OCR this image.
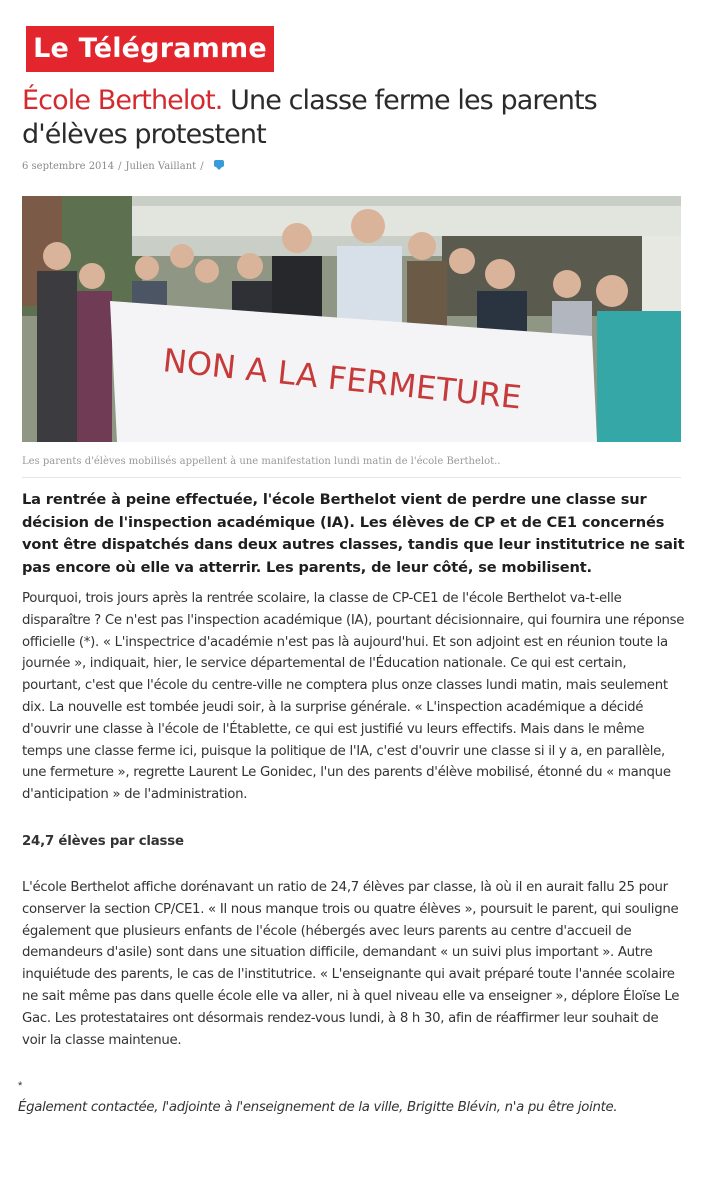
Le Télégramme
École Berthelot. Une classe ferme les parents d'élèves protestent
6 septembre 2014 / Julien Vaillant /
NON A LA FERMETURE
Les parents d'élèves mobilisés appellent à une manifestation lundi matin de l'école Berthelot..
La rentrée à peine effectuée, l'école Berthelot vient de perdre une classe sur décision de l'inspection académique (IA). Les élèves de CP et de CE1 concernés vont être dispatchés dans deux autres classes, tandis que leur institutrice ne sait pas encore où elle va atterrir. Les parents, de leur côté, se mobilisent.

Pourquoi, trois jours après la rentrée scolaire, la classe de CP-CE1 de l'école Berthelot va-t-elle disparaître ? Ce n'est pas l'inspection académique (IA), pourtant décisionnaire, qui fournira une réponse officielle (*). « L'inspectrice d'académie n'est pas là aujourd'hui. Et son adjoint est en réunion toute la journée », indiquait, hier, le service départemental de l'Éducation nationale. Ce qui est certain, pourtant, c'est que l'école du centre-ville ne comptera plus onze classes lundi matin, mais seulement dix. La nouvelle est tombée jeudi soir, à la surprise générale. « L'inspection académique a décidé d'ouvrir une classe à l'école de l'Établette, ce qui est justifié vu leurs effectifs. Mais dans le même temps une classe ferme ici, puisque la politique de l'IA, c'est d'ouvrir une classe si il y a, en parallèle, une fermeture », regrette Laurent Le Gonidec, l'un des parents d'élève mobilisé, étonné du « manque d'anticipation » de l'administration.

24,7 élèves par classe

L'école Berthelot affiche dorénavant un ratio de 24,7 élèves par classe, là où il en aurait fallu 25 pour conserver la section CP/CE1. « Il nous manque trois ou quatre élèves », poursuit le parent, qui souligne également que plusieurs enfants de l'école (hébergés avec leurs parents au centre d'accueil de demandeurs d'asile) sont dans une situation difficile, demandant « un suivi plus important ». Autre inquiétude des parents, le cas de l'institutrice. « L'enseignante qui avait préparé toute l'année scolaire ne sait même pas dans quelle école elle va aller, ni à quel niveau elle va enseigner », déplore Éloïse Le Gac. Les protestataires ont désormais rendez-vous lundi, à 8 h 30, afin de réaffirmer leur souhait de voir la classe maintenue.

*
Également contactée, l'adjointe à l'enseignement de la ville, Brigitte Blévin, n'a pu être jointe.
